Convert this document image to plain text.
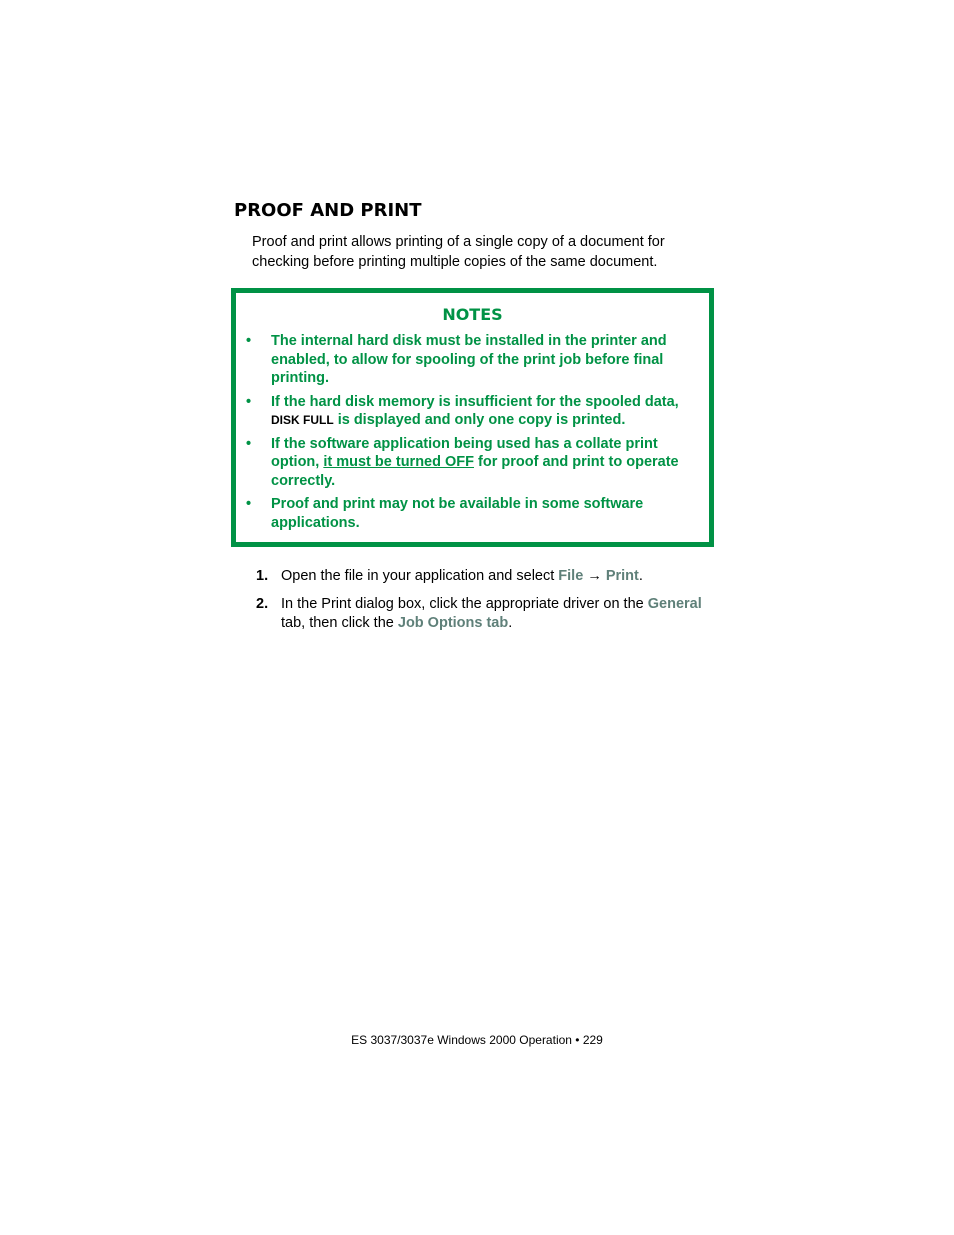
PROOF AND PRINT

Proof and print allows printing of a single copy of a document for checking before printing multiple copies of the same document.

NOTES
• The internal hard disk must be installed in the printer and enabled, to allow for spooling of the print job before final printing.
• If the hard disk memory is insufficient for the spooled data, DISK FULL is displayed and only one copy is printed.
• If the software application being used has a collate print option, it must be turned OFF for proof and print to operate correctly.
• Proof and print may not be available in some software applications.
1. Open the file in your application and select File → Print.
2. In the Print dialog box, click the appropriate driver on the General tab, then click the Job Options tab.
ES 3037/3037e Windows 2000 Operation • 229
